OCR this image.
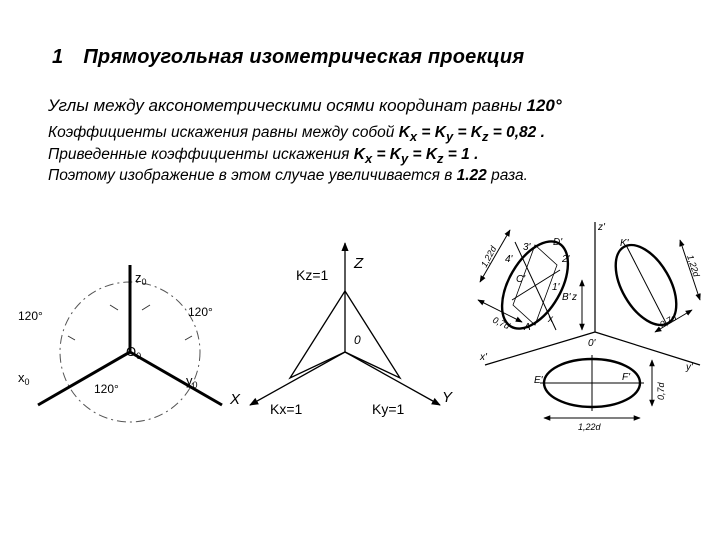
1 Прямоугольная изометрическая проекция
Углы между аксонометрическими осями координат равны 120°
Коэффициенты искажения равны между собой $K_x = K_y = K_z = 0,82$ .
Приведенные коэффициенты искажения $K_x = K_y = K_z = 1$ .
Поэтому изображение в этом случае увеличивается в 1.22 раза.
$z_0$
$x_0$	$y_0$
$O_0$
120°	120°
120°
Z
X	Y
0
Kz=1
Kx=1	Ky=1
z'
x'
y'
0'
1,22d	1,22d
1,22d
0,7d	0,7d
0,7d
4'
3' D'
2'
C'
1'
B'
A'
K'
E'	F'
z
x
